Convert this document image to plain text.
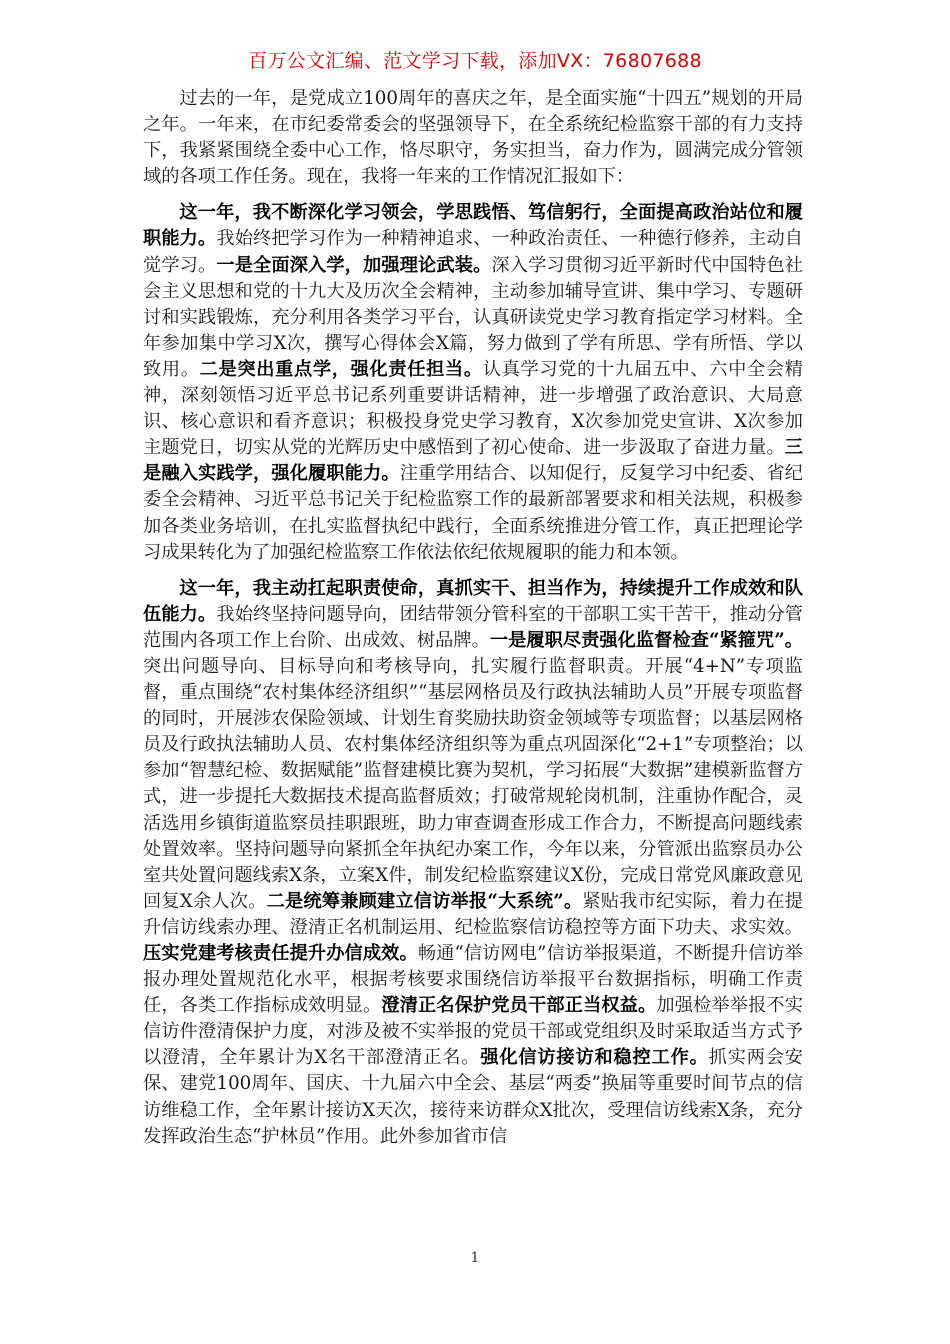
百万公文汇编、范文学习下载，添加VX：76807688

过去的一年，是党成立100周年的喜庆之年，是全面实施“十四五”规划的开局之年。一年来，在市纪委常委会的坚强领导下，在全系统纪检监察干部的有力支持下，我紧紧围绕全委中心工作，恪尽职守，务实担当，奋力作为，圆满完成分管领域的各项工作任务。现在，我将一年来的工作情况汇报如下：

这一年，我不断深化学习领会，学思践悟、笃信躬行，全面提高政治站位和履职能力。我始终把学习作为一种精神追求、一种政治责任、一种德行修养，主动自觉学习。一是全面深入学，加强理论武装。深入学习贯彻习近平新时代中国特色社会主义思想和党的十九大及历次全会精神，主动参加辅导宣讲、集中学习、专题研讨和实践锻炼，充分利用各类学习平台，认真研读党史学习教育指定学习材料。全年参加集中学习X次，撰写心得体会X篇，努力做到了学有所思、学有所悟、学以致用。二是突出重点学，强化责任担当。认真学习党的十九届五中、六中全会精神，深刻领悟习近平总书记系列重要讲话精神，进一步增强了政治意识、大局意识、核心意识和看齐意识；积极投身党史学习教育，X次参加党史宣讲、X次参加主题党日，切实从党的光辉历史中感悟到了初心使命、进一步汲取了奋进力量。三是融入实践学，强化履职能力。注重学用结合、以知促行，反复学习中纪委、省纪委全会精神、习近平总书记关于纪检监察工作的最新部署要求和相关法规，积极参加各类业务培训，在扎实监督执纪中践行，全面系统推进分管工作，真正把理论学习成果转化为了加强纪检监察工作依法依纪依规履职的能力和本领。

这一年，我主动扛起职责使命，真抓实干、担当作为，持续提升工作成效和队伍能力。我始终坚持问题导向，团结带领分管科室的干部职工实干苦干，推动分管范围内各项工作上台阶、出成效、树品牌。一是履职尽责强化监督检查“紧箍咒”。突出问题导向、目标导向和考核导向，扎实履行监督职责。开展“4+N”专项监督，重点围绕“农村集体经济组织”“基层网格员及行政执法辅助人员”开展专项监督的同时，开展涉农保险领域、计划生育奖励扶助资金领域等专项监督；以基层网格员及行政执法辅助人员、农村集体经济组织等为重点巩固深化“2+1”专项整治；以参加“智慧纪检、数据赋能”监督建模比赛为契机，学习拓展“大数据”建模新监督方式，进一步提托大数据技术提高监督质效；打破常规轮岗机制，注重协作配合，灵活选用乡镇街道监察员挂职跟班，助力审查调查形成工作合力，不断提高问题线索处置效率。坚持问题导向紧抓全年执纪办案工作，今年以来，分管派出监察员办公室共处置问题线索X条，立案X件，制发纪检监察建议X份，完成日常党风廉政意见回复X余人次。二是统筹兼顾建立信访举报“大系统”。紧贴我市纪实际，着力在提升信访线索办理、澄清正名机制运用、纪检监察信访稳控等方面下功夫、求实效。压实党建考核责任提升办信成效。畅通“信访网电”信访举报渠道，不断提升信访举报办理处置规范化水平，根据考核要求围绕信访举报平台数据指标，明确工作责任，各类工作指标成效明显。澄清正名保护党员干部正当权益。加强检举举报不实信访件澄清保护力度，对涉及被不实举报的党员干部或党组织及时采取适当方式予以澄清，全年累计为X名干部澄清正名。强化信访接访和稳控工作。抓实两会安保、建党100周年、国庆、十九届六中全会、基层“两委”换届等重要时间节点的信访维稳工作，全年累计接访X天次，接待来访群众X批次，受理信访线索X条，充分发挥政治生态“护林员”作用。此外参加省市信

1
